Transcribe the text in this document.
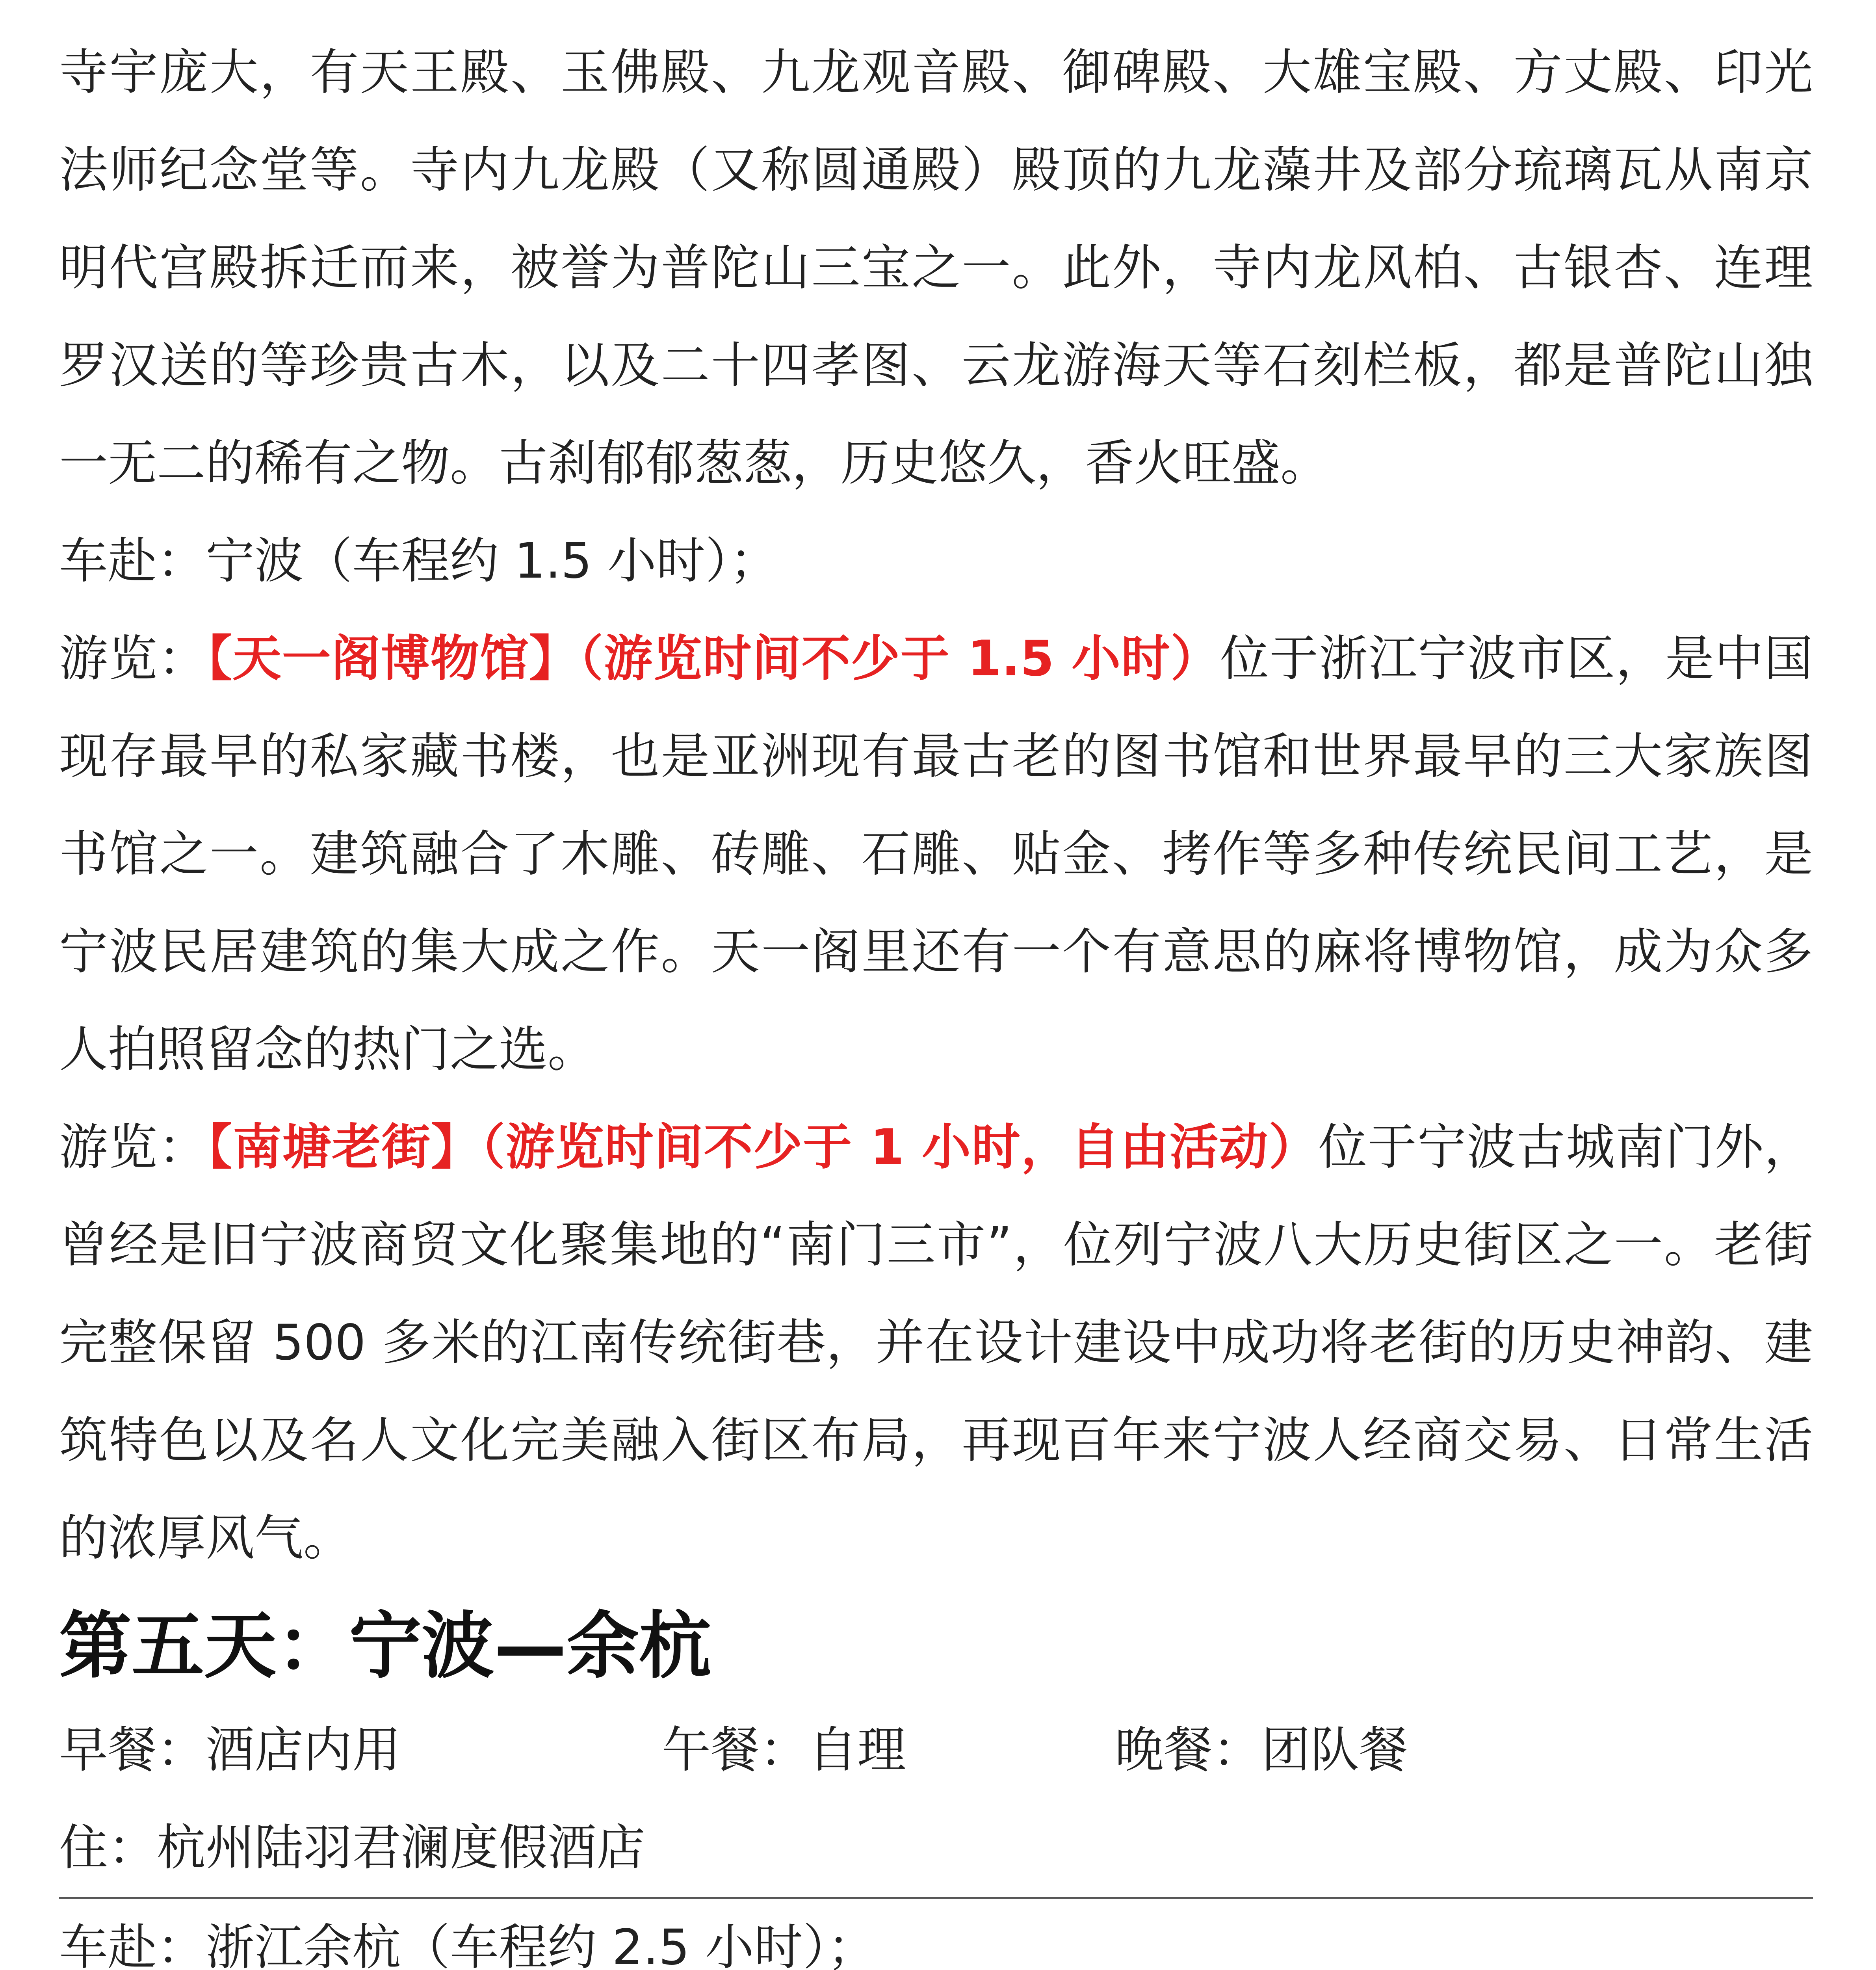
寺宇庞大，有天王殿、玉佛殿、九龙观音殿、御碑殿、大雄宝殿、方丈殿、印光法师纪念堂等。寺内九龙殿（又称圆通殿）殿顶的九龙藻井及部分琉璃瓦从南京明代宫殿拆迁而来，被誉为普陀山三宝之一。此外，寺内龙风柏、古银杏、连理罗汉送的等珍贵古木，以及二十四孝图、云龙游海天等石刻栏板，都是普陀山独一无二的稀有之物。古刹郁郁葱葱，历史悠久，香火旺盛。

车赴：宁波（车程约 1.5 小时）；

游览：【天一阁博物馆】（游览时间不少于 1.5 小时）位于浙江宁波市区，是中国现存最早的私家藏书楼，也是亚洲现有最古老的图书馆和世界最早的三大家族图书馆之一。建筑融合了木雕、砖雕、石雕、贴金、拷作等多种传统民间工艺，是宁波民居建筑的集大成之作。天一阁里还有一个有意思的麻将博物馆，成为众多人拍照留念的热门之选。

游览：【南塘老街】（游览时间不少于 1 小时，自由活动）位于宁波古城南门外，曾经是旧宁波商贸文化聚集地的“南门三市”，位列宁波八大历史街区之一。老街完整保留 500 多米的江南传统街巷，并在设计建设中成功将老街的历史神韵、建筑特色以及名人文化完美融入街区布局，再现百年来宁波人经商交易、日常生活的浓厚风气。

第五天：宁波—余杭
早餐：酒店内用	午餐：自理	晚餐：团队餐

住：杭州陆羽君澜度假酒店

车赴：浙江余杭（车程约 2.5 小时）；
